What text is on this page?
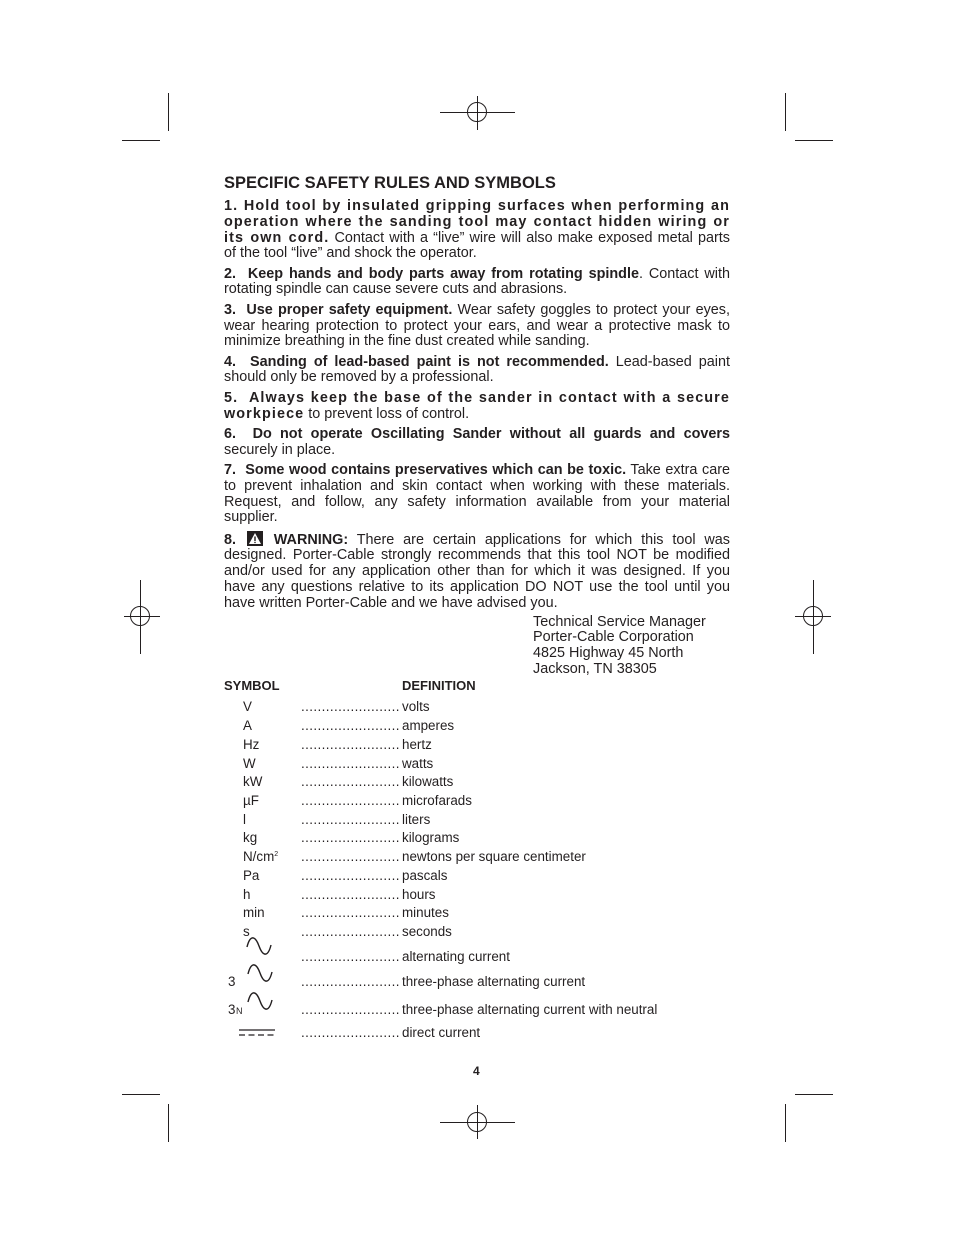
SPECIFIC SAFETY RULES AND SYMBOLS

1. Hold tool by insulated gripping surfaces when performing an operation where the sanding tool may contact hidden wiring or its own cord. Contact with a “live” wire will also make exposed metal parts of the tool “live” and shock the operator.

2. Keep hands and body parts away from rotating spindle. Contact with rotating spindle can cause severe cuts and abrasions.

3. Use proper safety equipment. Wear safety goggles to protect your eyes, wear hearing protection to protect your ears, and wear a protective mask to minimize breathing in the fine dust created while sanding.

4. Sanding of lead-based paint is not recommended. Lead-based paint should only be removed by a professional.

5. Always keep the base of the sander in contact with a secure workpiece to prevent loss of control.

6. Do not operate Oscillating Sander without all guards and covers securely in place.

7. Some wood contains preservatives which can be toxic. Take extra care to prevent inhalation and skin contact when working with these materials. Request, and follow, any safety information available from your material supplier.

8.	WARNING: There are certain applications for which this tool was designed. Porter-Cable strongly recommends that this tool NOT be modified and/or used for any application other than for which it was designed. If you have any questions relative to its application DO NOT use the tool until you have written Porter-Cable and we have advised you.

Technical Service Manager
Porter-Cable Corporation
4825 Highway 45 North
Jackson, TN 38305
SYMBOL	DEFINITION
V	........................ volts
A	........................ amperes
Hz	........................ hertz
W	........................ watts
kW	........................ kilowatts
µF	........................ microfarads
l	........................ liters
kg	........................ kilograms
$N/cm^2$ ........................ newtons per square centimeter
Pa	........................ pascals
h	........................ hours
min	........................ minutes
s	........................ seconds
........................ alternating current
3	........................ three-phase alternating current
3 N	........................ three-phase alternating current with neutral
........................ direct current
4
